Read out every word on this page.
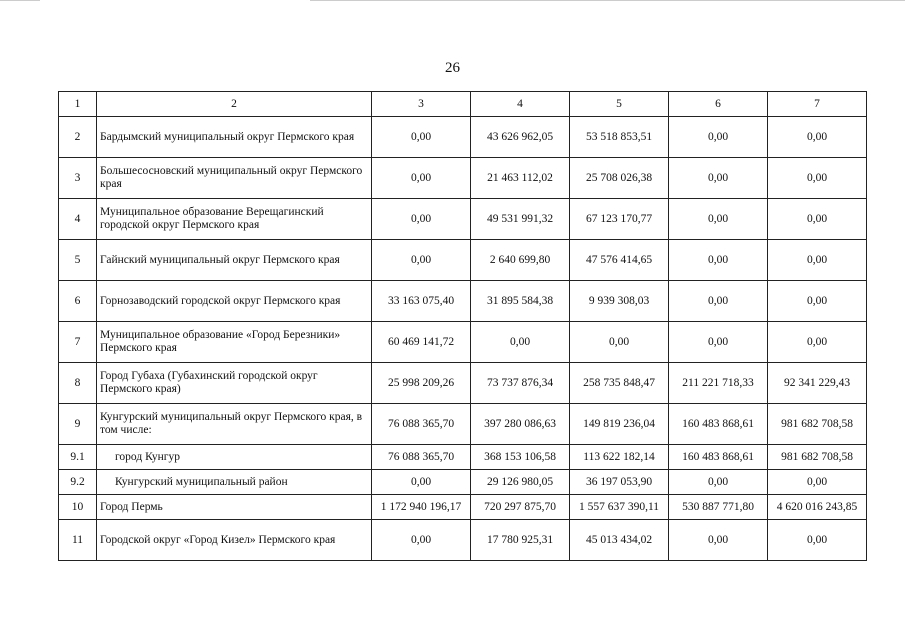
26
1	2	3	4	5	6	7
2	Бардымский муниципальный округ Пермского края	0,00	43 626 962,05	53 518 853,51	0,00	0,00
3	Большесосновский муниципальный округ Пермского края	0,00	21 463 112,02	25 708 026,38	0,00	0,00
4	Муниципальное образование Верещагинский городской округ Пермского края	0,00	49 531 991,32	67 123 170,77	0,00	0,00
5	Гайнский муниципальный округ Пермского края	0,00	2 640 699,80	47 576 414,65	0,00	0,00
6	Горнозаводский городской округ Пермского края	33 163 075,40	31 895 584,38	9 939 308,03	0,00	0,00
7	Муниципальное образование «Город Березники» Пермского края	60 469 141,72	0,00	0,00	0,00	0,00
8	Город Губаха (Губахинский городской округ Пермского края)	25 998 209,26	73 737 876,34	258 735 848,47	211 221 718,33	92 341 229,43
9	Кунгурский муниципальный округ Пермского края, в том числе:	76 088 365,70	397 280 086,63	149 819 236,04	160 483 868,61	981 682 708,58
9.1	город Кунгур	76 088 365,70	368 153 106,58	113 622 182,14	160 483 868,61	981 682 708,58
9.2	Кунгурский муниципальный район	0,00	29 126 980,05	36 197 053,90	0,00	0,00
10	Город Пермь	1 172 940 196,17	720 297 875,70	1 557 637 390,11	530 887 771,80	4 620 016 243,85
11	Городской округ «Город Кизел» Пермского края	0,00	17 780 925,31	45 013 434,02	0,00	0,00
